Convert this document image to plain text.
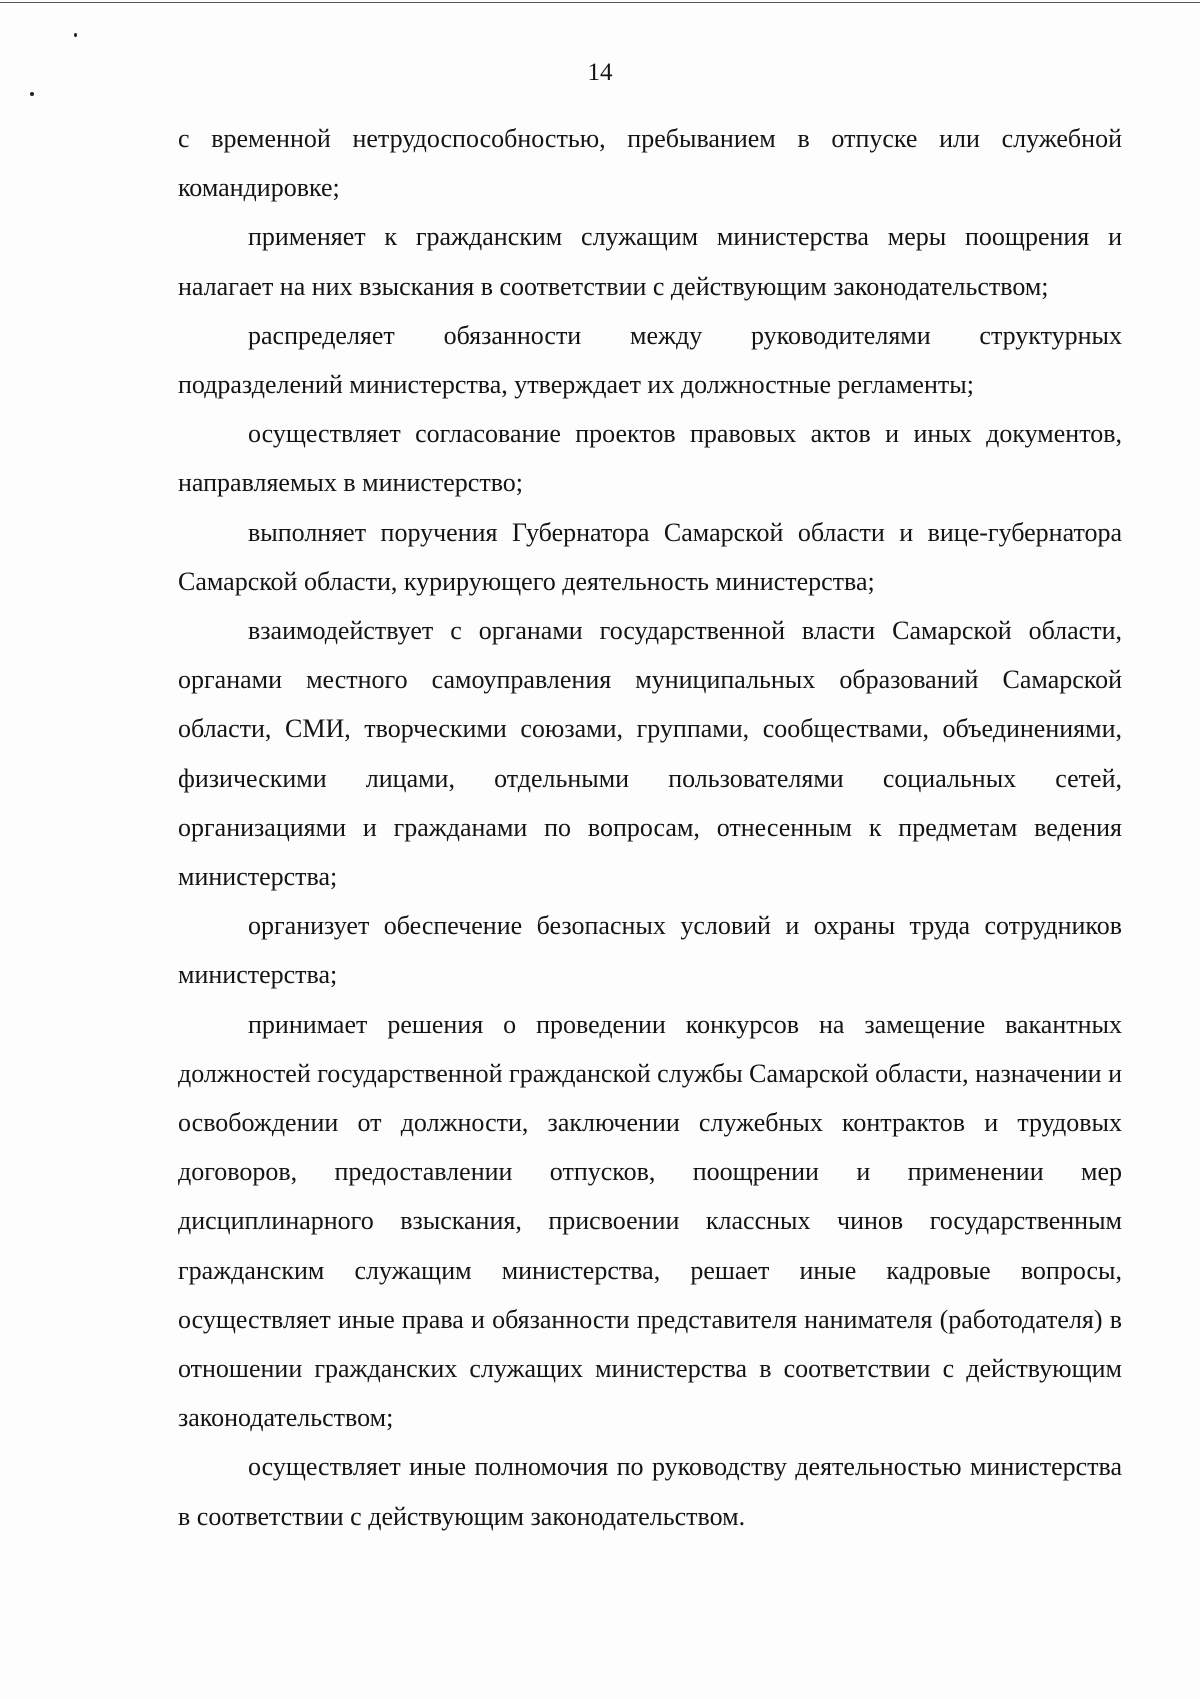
14

с временной нетрудоспособностью, пребыванием в отпуске или служебной командировке;

применяет к гражданским служащим министерства меры поощрения и налагает на них взыскания в соответствии с действующим законодательством;

распределяет обязанности между руководителями структурных подразделений министерства, утверждает их должностные регламенты;

осуществляет согласование проектов правовых актов и иных документов, направляемых в министерство;

выполняет поручения Губернатора Самарской области и вице-губернатора Самарской области, курирующего деятельность министерства;

взаимодействует с органами государственной власти Самарской области, органами местного самоуправления муниципальных образований Самарской области, СМИ, творческими союзами, группами, сообществами, объединениями, физическими лицами, отдельными пользователями социальных сетей, организациями и гражданами по вопросам, отнесенным к предметам ведения министерства;

организует обеспечение безопасных условий и охраны труда сотрудников министерства;

принимает решения о проведении конкурсов на замещение вакантных должностей государственной гражданской службы Самарской области, назначении и освобождении от должности, заключении служебных контрактов и трудовых договоров, предоставлении отпусков, поощрении и применении мер дисциплинарного взыскания, присвоении классных чинов государственным гражданским служащим министерства, решает иные кадровые вопросы, осуществляет иные права и обязанности представителя нанимателя (работодателя) в отношении гражданских служащих министерства в соответствии с действующим законодательством;

осуществляет иные полномочия по руководству деятельностью министерства в соответствии с действующим законодательством.
